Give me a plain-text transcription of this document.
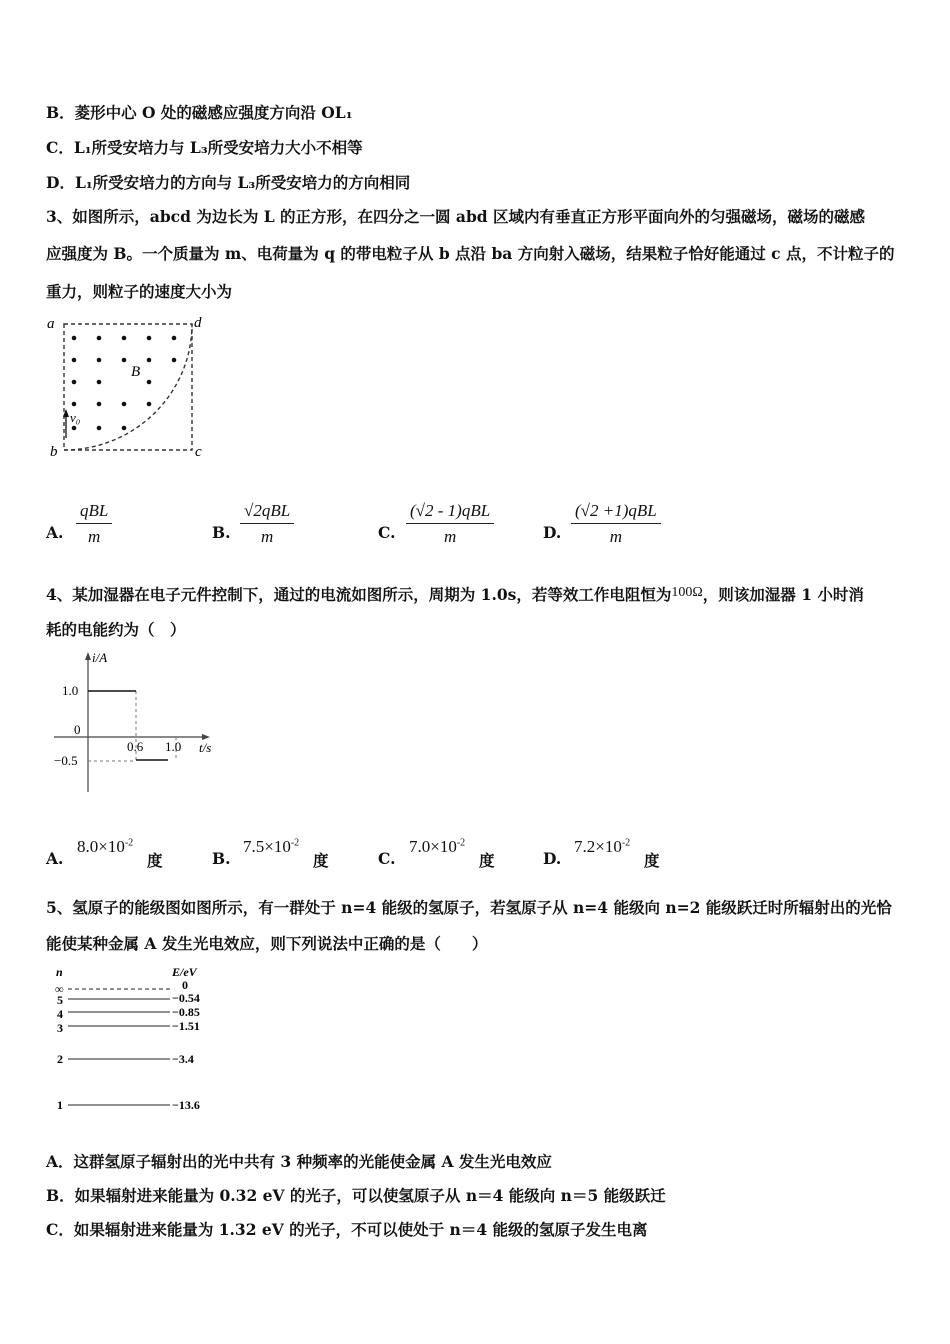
B．菱形中心 O 处的磁感应强度方向沿 OL₁
C．L₁所受安培力与 L₃所受安培力大小不相等
D．L₁所受安培力的方向与 L₃所受安培力的方向相同
3、如图所示，abcd 为边长为 L 的正方形，在四分之一圆 abd 区域内有垂直正方形平面向外的匀强磁场，磁场的磁感
应强度为 B。一个质量为 m、电荷量为 q 的带电粒子从 b 点沿 ba 方向射入磁场，结果粒子恰好能通过 c 点，不计粒子的
重力，则粒子的速度大小为
a	d
b	c
B
v₀
A.
qBL
m	B.
√2qBL
m	C.
(√2 - 1)qBL
m	D.
(√2 +1)qBL
m
4、某加湿器在电子元件控制下，通过的电流如图所示，周期为 1.0s，若等效工作电阻恒为100Ω，则该加湿器 1 小时消
耗的电能约为（　）
i/A
t/s
1.0
0
−0.5
0.6 1.0
A.
$8.0\times 10^{-2}$
度	B.
$7.5\times 10^{-2}$
度	C.
$7.0\times 10^{-2}$
度	D.
$7.2\times 10^{-2}$
度
5、氢原子的能级图如图所示，有一群处于 n=4 能级的氢原子，若氢原子从 n=4 能级向 n=2 能级跃迁时所辐射出的光恰
能使某种金属 A 发生光电效应，则下列说法中正确的是（　　）
n	E/eV
∞	0
5	−0.54
4	−0.85
3	−1.51
2	−3.4
1	−13.6
A．这群氢原子辐射出的光中共有 3 种频率的光能使金属 A 发生光电效应
B．如果辐射进来能量为 0.32 eV 的光子，可以使氢原子从 n＝4 能级向 n＝5 能级跃迁
C．如果辐射进来能量为 1.32 eV 的光子，不可以使处于 n＝4 能级的氢原子发生电离
